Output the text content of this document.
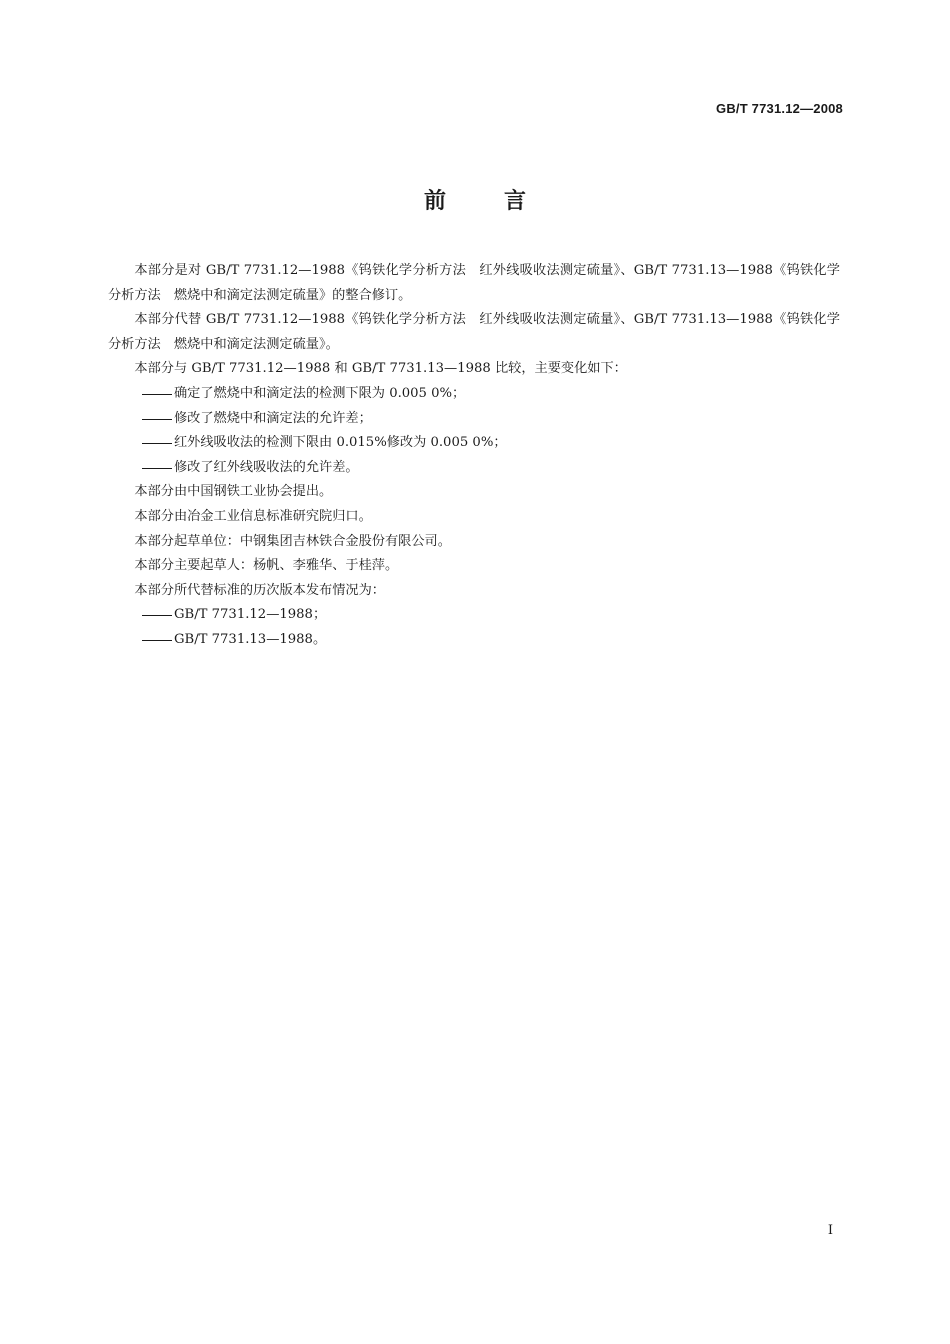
GB/T 7731.12—2008
前言

本部分是对 GB/T 7731.12—1988《钨铁化学分析方法　红外线吸收法测定硫量》、GB/T 7731.13—1988《钨铁化学分析方法　燃烧中和滴定法测定硫量》的整合修订。

本部分代替 GB/T 7731.12—1988《钨铁化学分析方法　红外线吸收法测定硫量》、GB/T 7731.13—1988《钨铁化学分析方法　燃烧中和滴定法测定硫量》。

本部分与 GB/T 7731.12—1988 和 GB/T 7731.13—1988 比较，主要变化如下：

确定了燃烧中和滴定法的检测下限为 0.005 0%；

修改了燃烧中和滴定法的允许差；

红外线吸收法的检测下限由 0.015%修改为 0.005 0%；

修改了红外线吸收法的允许差。

本部分由中国钢铁工业协会提出。

本部分由冶金工业信息标准研究院归口。

本部分起草单位：中钢集团吉林铁合金股份有限公司。

本部分主要起草人：杨帆、李雅华、于桂萍。

本部分所代替标准的历次版本发布情况为：

GB/T 7731.12—1988；

GB/T 7731.13—1988。

I
